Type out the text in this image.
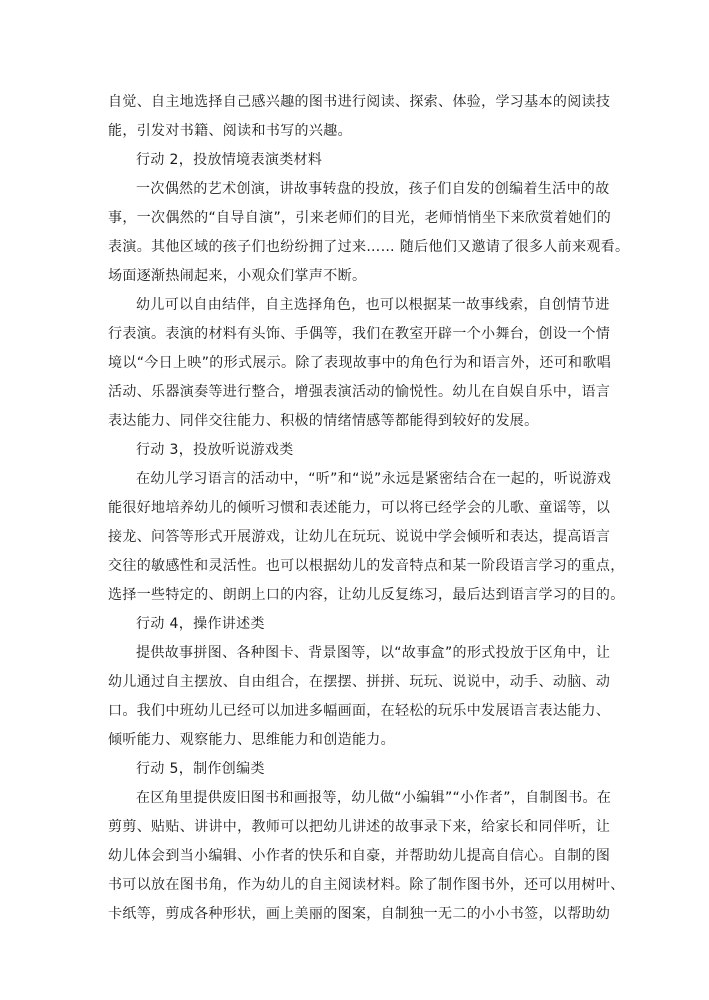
自觉、自主地选择自己感兴趣的图书进行阅读、探索、体验，学习基本的阅读技
能，引发对书籍、阅读和书写的兴趣。
行动 2，投放情境表演类材料
一次偶然的艺术创演，讲故事转盘的投放，孩子们自发的创编着生活中的故
事，一次偶然的“自导自演”，引来老师们的目光，老师悄悄坐下来欣赏着她们的
表演。其他区域的孩子们也纷纷拥了过来…… 随后他们又邀请了很多人前来观看。
场面逐渐热闹起来，小观众们掌声不断。
幼儿可以自由结伴，自主选择角色，也可以根据某一故事线索，自创情节进
行表演。表演的材料有头饰、手偶等，我们在教室开辟一个小舞台，创设一个情
境以“今日上映”的形式展示。除了表现故事中的角色行为和语言外，还可和歌唱
活动、乐器演奏等进行整合，增强表演活动的愉悦性。幼儿在自娱自乐中，语言
表达能力、同伴交往能力、积极的情绪情感等都能得到较好的发展。
行动 3，投放听说游戏类
在幼儿学习语言的活动中，“听”和“说”永远是紧密结合在一起的，听说游戏
能很好地培养幼儿的倾听习惯和表述能力，可以将已经学会的儿歌、童谣等，以
接龙、问答等形式开展游戏，让幼儿在玩玩、说说中学会倾听和表达，提高语言
交往的敏感性和灵活性。也可以根据幼儿的发音特点和某一阶段语言学习的重点，
选择一些特定的、朗朗上口的内容，让幼儿反复练习，最后达到语言学习的目的。
行动 4，操作讲述类
提供故事拼图、各种图卡、背景图等，以“故事盒”的形式投放于区角中，让
幼儿通过自主摆放、自由组合，在摆摆、拼拼、玩玩、说说中，动手、动脑、动
口。我们中班幼儿已经可以加进多幅画面，在轻松的玩乐中发展语言表达能力、
倾听能力、观察能力、思维能力和创造能力。
行动 5，制作创编类
在区角里提供废旧图书和画报等，幼儿做“小编辑”“小作者”，自制图书。在
剪剪、贴贴、讲讲中，教师可以把幼儿讲述的故事录下来，给家长和同伴听，让
幼儿体会到当小编辑、小作者的快乐和自豪，并帮助幼儿提高自信心。自制的图
书可以放在图书角，作为幼儿的自主阅读材料。除了制作图书外，还可以用树叶、
卡纸等，剪成各种形状，画上美丽的图案，自制独一无二的小小书签，以帮助幼
